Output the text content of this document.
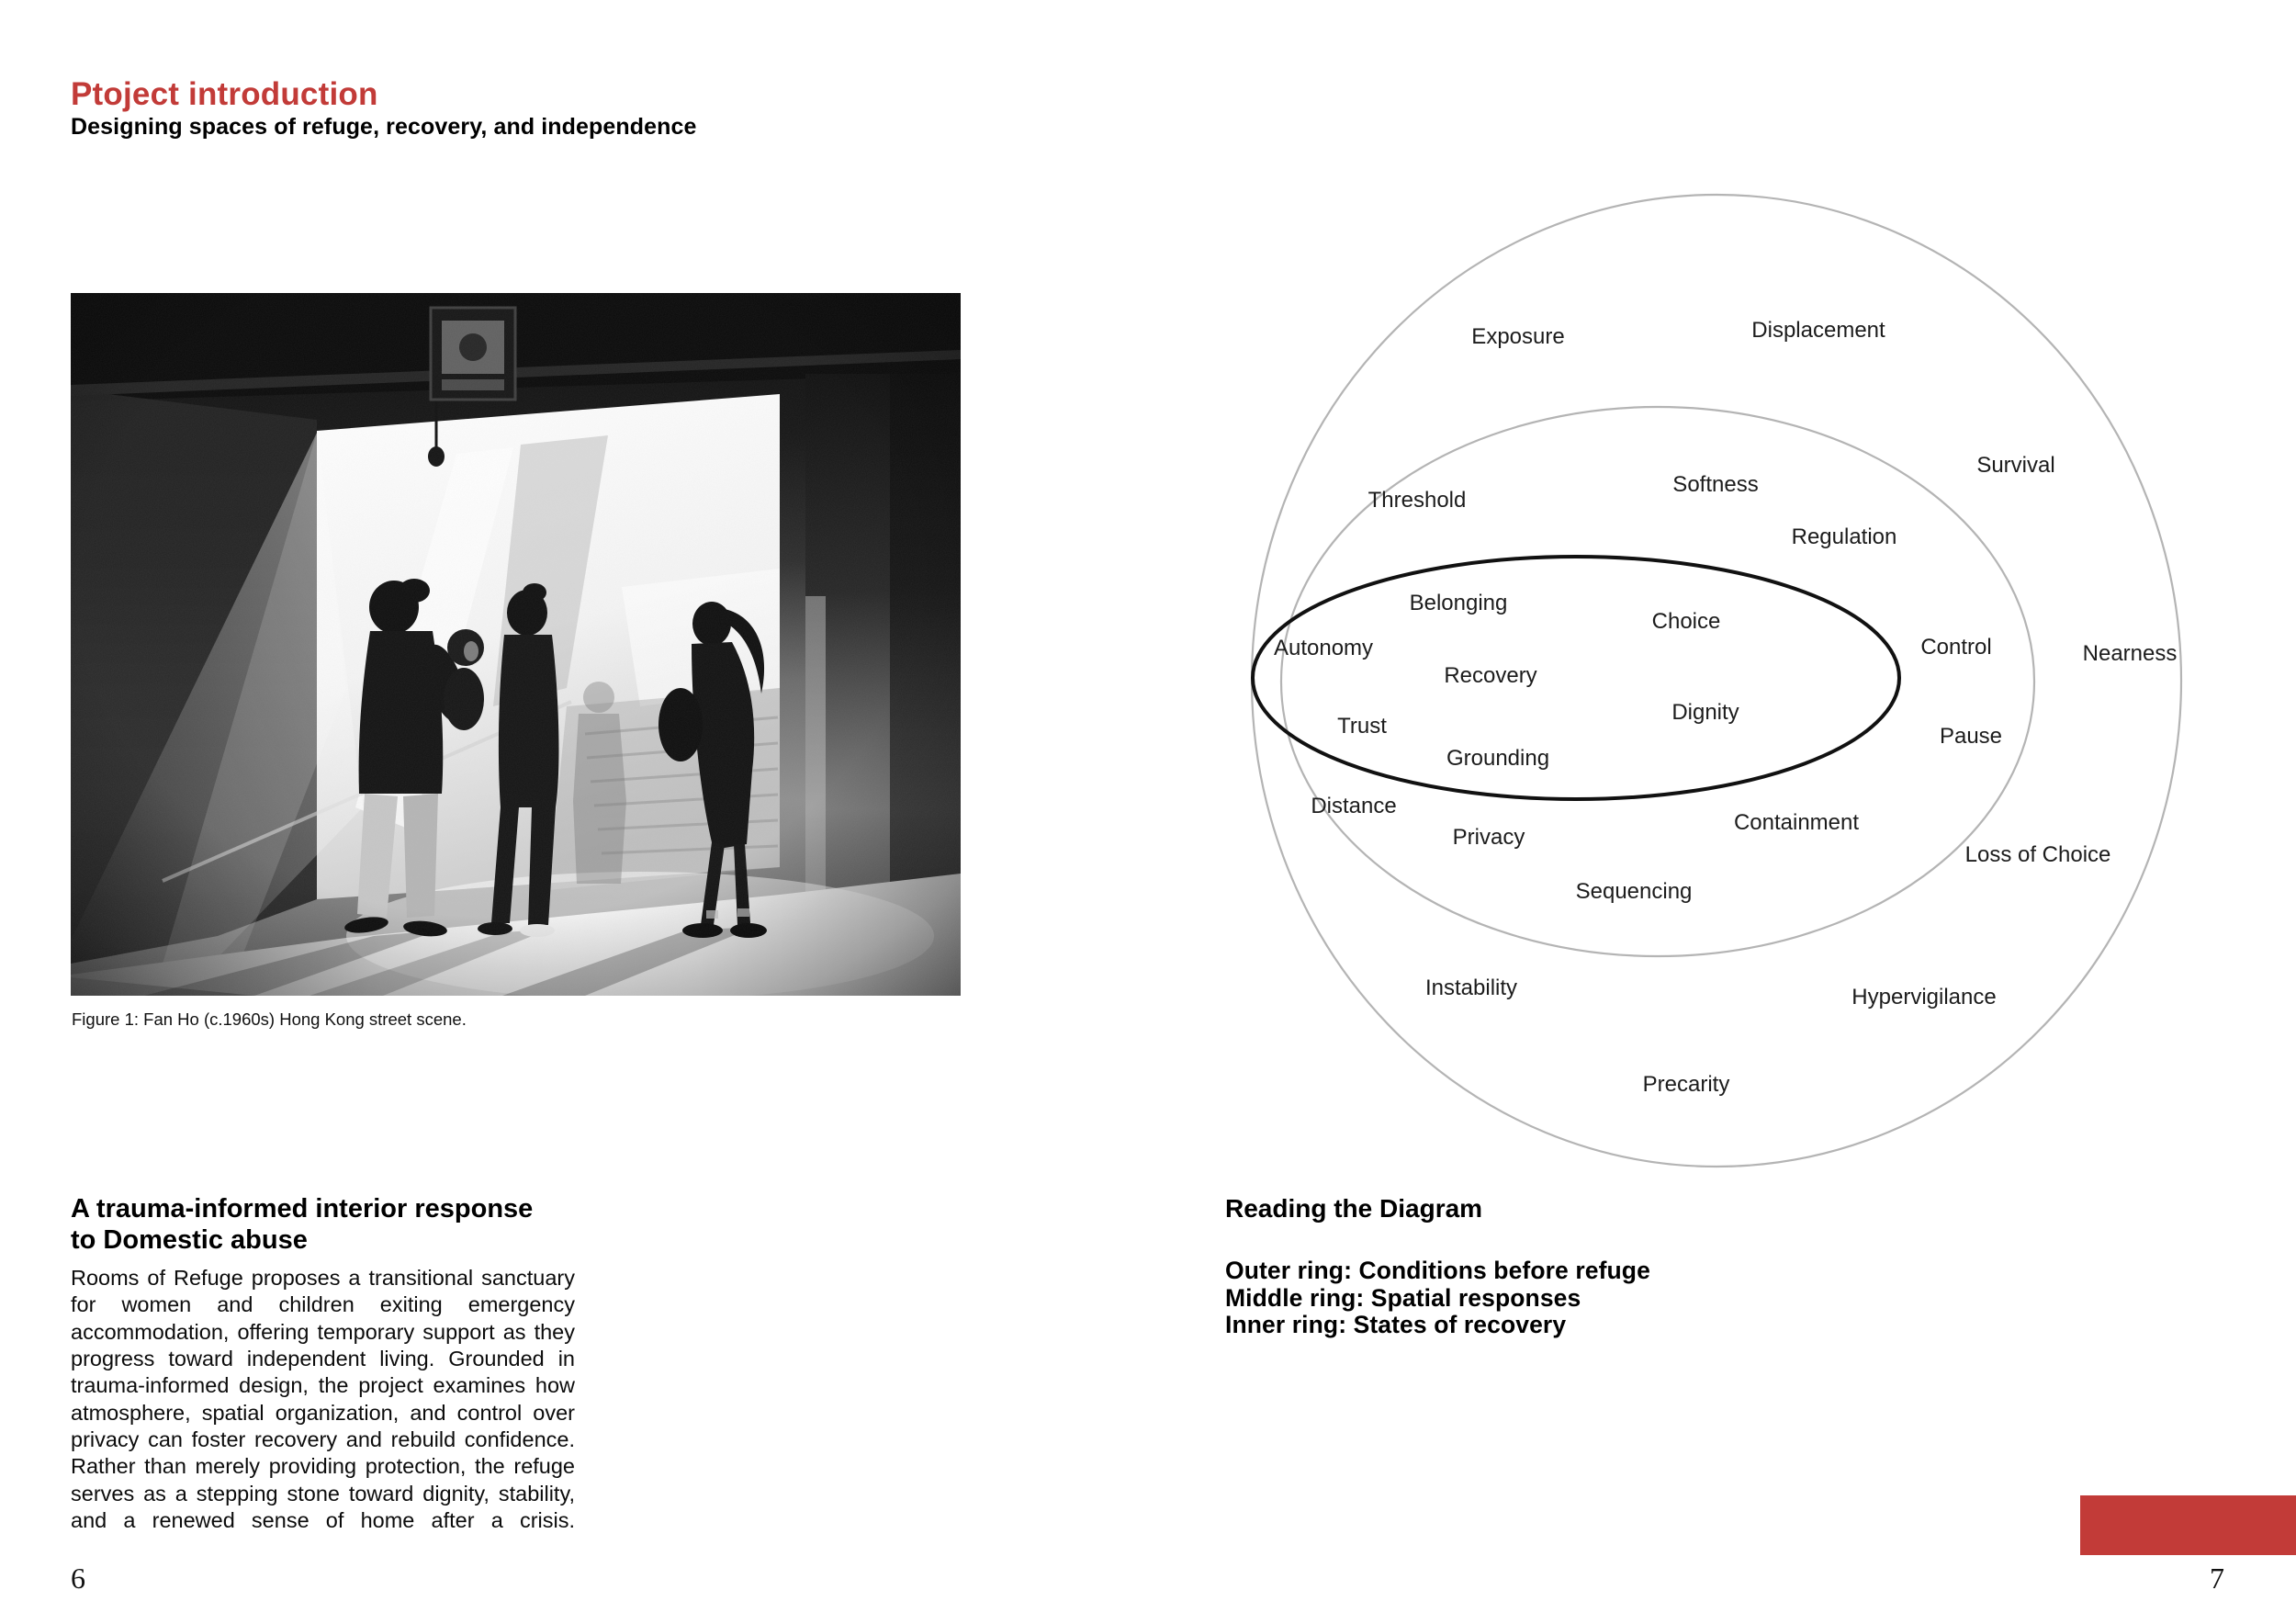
Ptoject introduction
Designing spaces of refuge, recovery, and independence
Figure 1: Fan Ho (c.1960s) Hong Kong street scene.
A trauma-informed interior response
to Domestic abuse

Rooms of Refuge proposes a transitional sanctuary for women and children exiting emergency accommodation, offering temporary support as they progress toward independent living. Grounded in trauma-informed design, the project examines how atmosphere, spatial organization, and control over privacy can foster recovery and rebuild confidence. Rather than merely providing protection, the refuge serves as a stepping stone toward dignity, stability, and a renewed sense of home after a crisis.

Exposure	Displacement
Survival
Nearness
Loss of Choice
Hypervigilance
Instability
Precarity
Threshold
Softness
Regulation
Control
Pause
Containment
Privacy
Sequencing
Distance
Belonging
Choice
Autonomy
Recovery
Dignity
Trust
Grounding
Reading the Diagram
Outer ring: Conditions before refuge
Middle ring: Spatial responses
Inner ring: States of recovery
6	7
